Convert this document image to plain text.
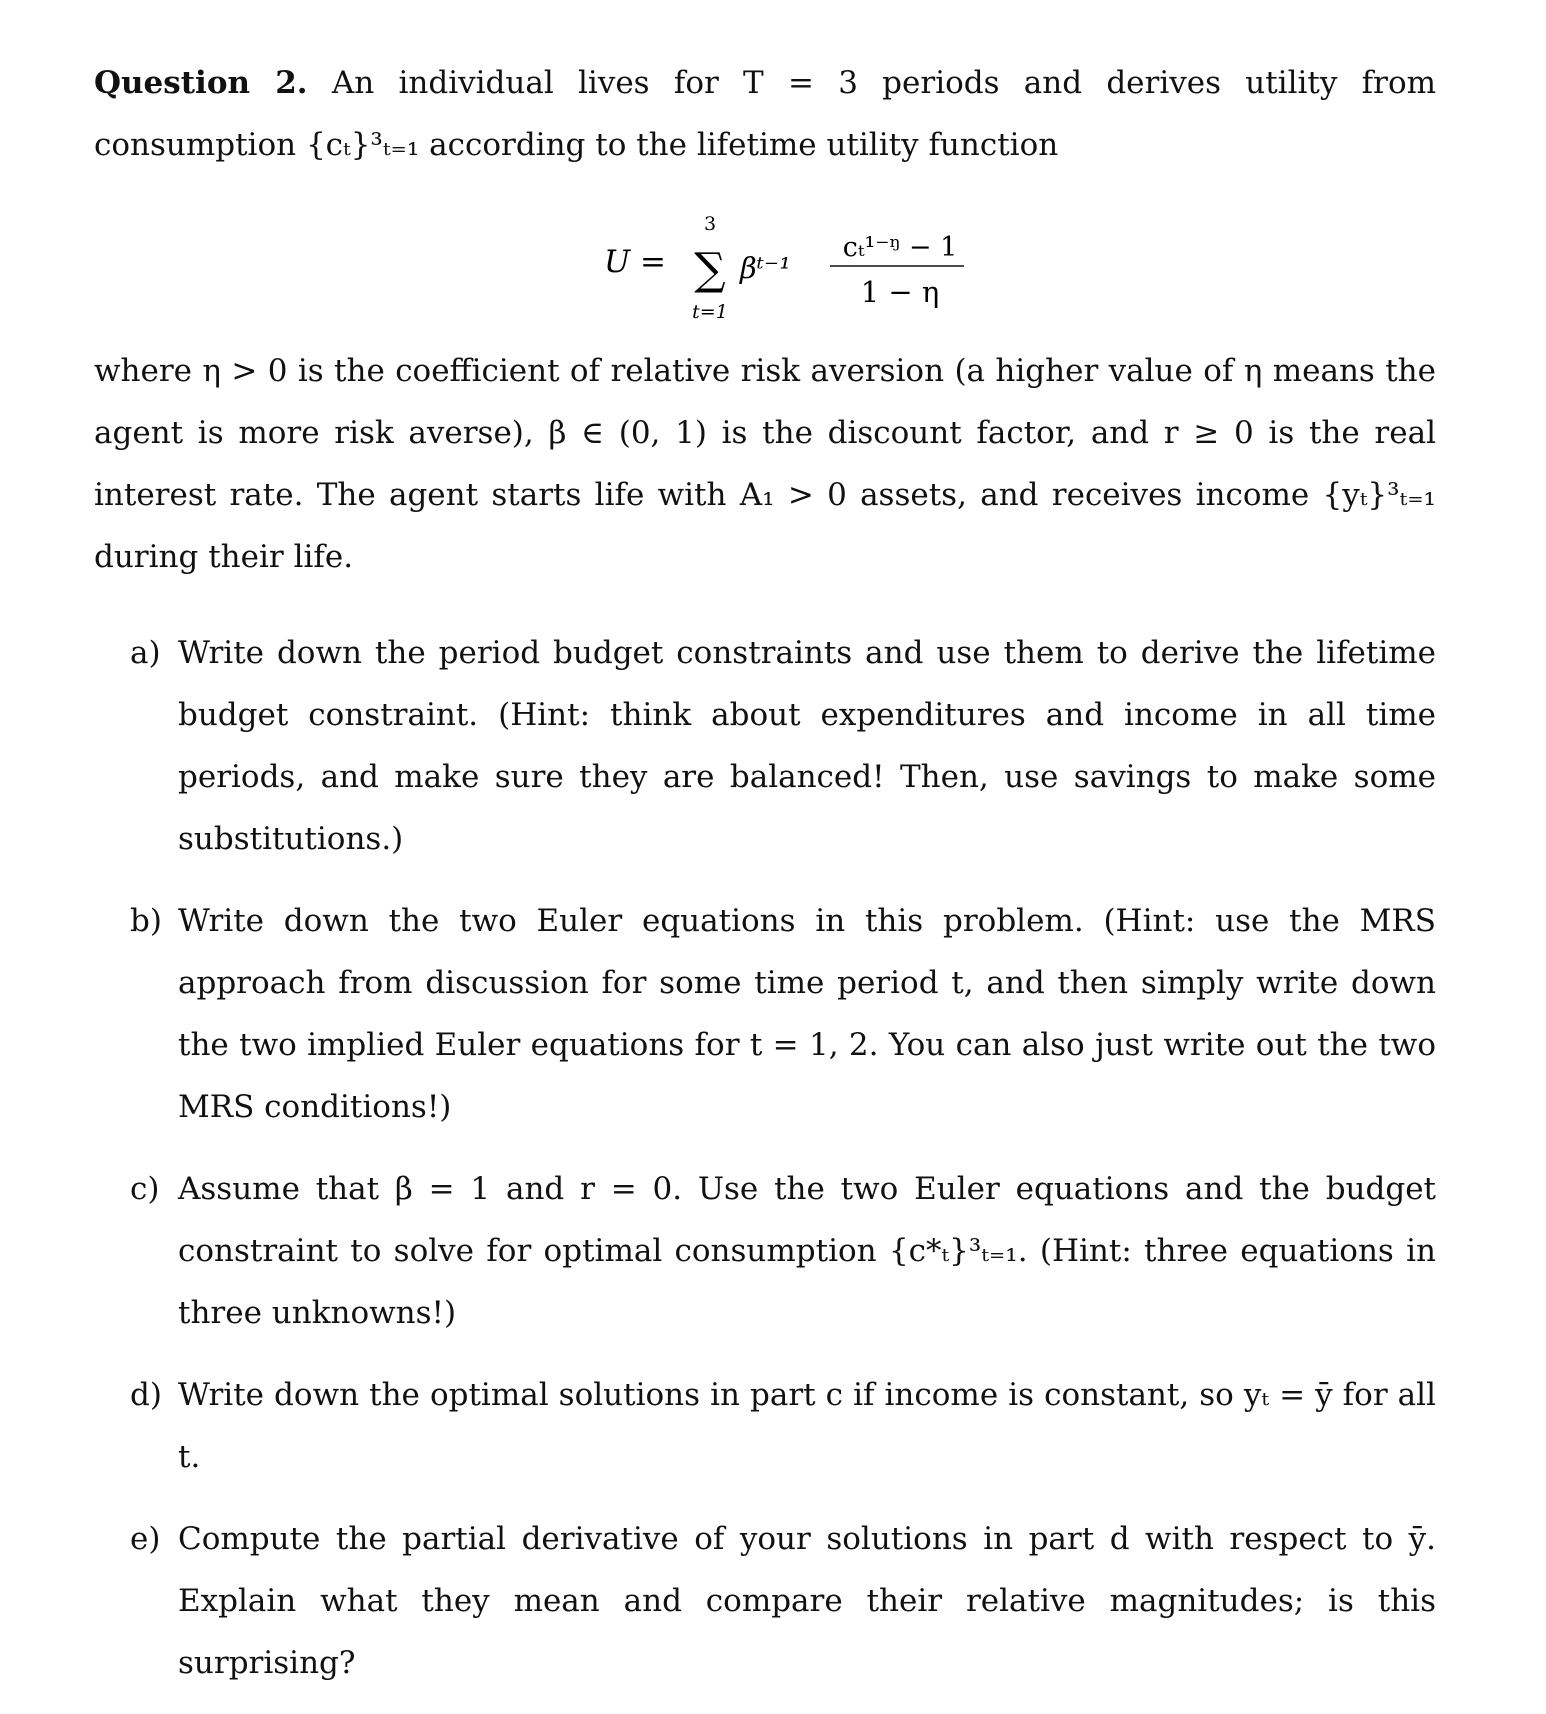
Question 2. An individual lives for T = 3 periods and derives utility from consumption {cₜ}³ₜ₌₁ according to the lifetime utility function

U =
3
∑
t=1
βᵗ⁻¹
cₜ¹⁻ᵑ − 1
1 − η

where η > 0 is the coefficient of relative risk aversion (a higher value of η means the agent is more risk averse), β ∈ (0, 1) is the discount factor, and r ≥ 0 is the real interest rate. The agent starts life with A₁ > 0 assets, and receives income {yₜ}³ₜ₌₁ during their life.

a) Write down the period budget constraints and use them to derive the lifetime budget constraint. (Hint: think about expenditures and income in all time periods, and make sure they are balanced! Then, use savings to make some substitutions.)

b) Write down the two Euler equations in this problem. (Hint: use the MRS approach from discussion for some time period t, and then simply write down the two implied Euler equations for t = 1, 2. You can also just write out the two MRS conditions!)

c) Assume that β = 1 and r = 0. Use the two Euler equations and the budget constraint to solve for optimal consumption {c*ₜ}³ₜ₌₁. (Hint: three equations in three unknowns!)

d) Write down the optimal solutions in part c if income is constant, so yₜ = ȳ for all t.

e) Compute the partial derivative of your solutions in part d with respect to ȳ. Explain what they mean and compare their relative magnitudes; is this surprising?
